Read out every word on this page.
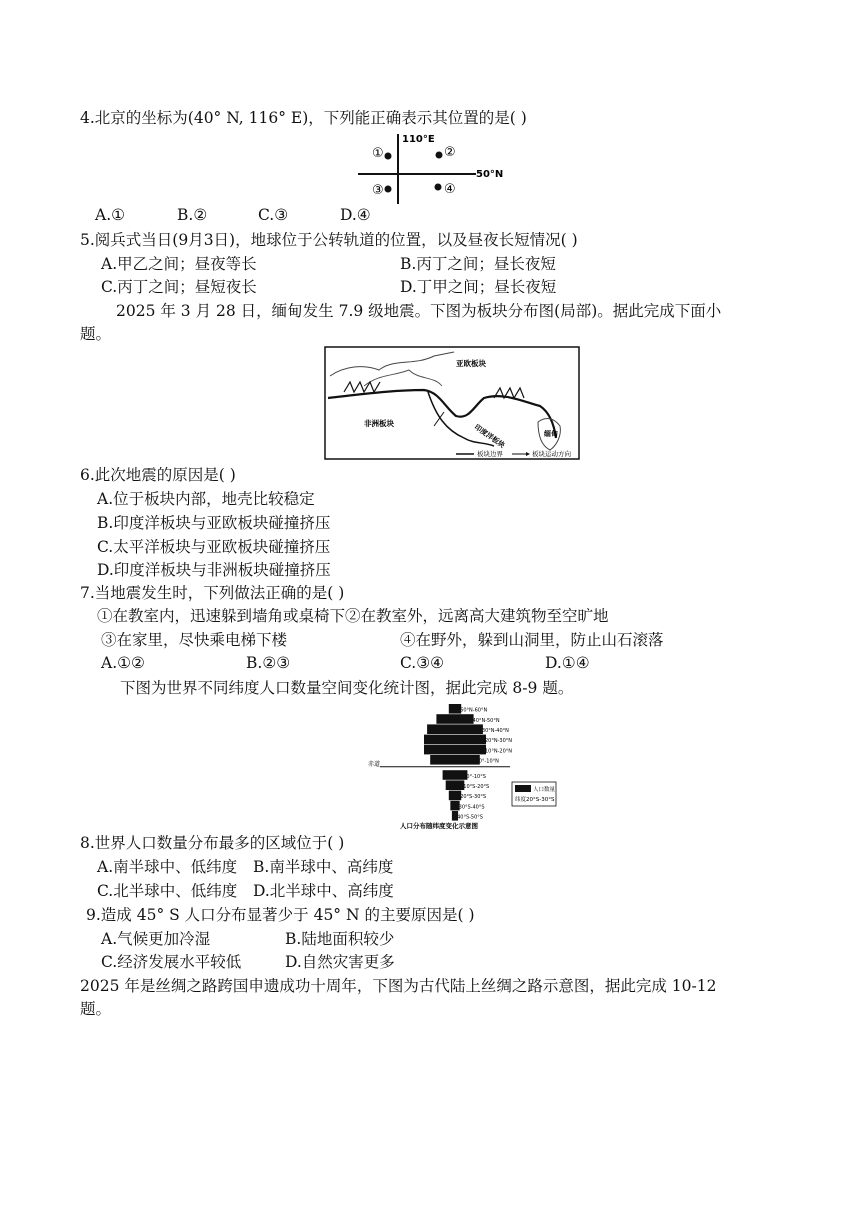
4.北京的坐标为(40° N, 116° E)，下列能正确表示其位置的是( )
110°E
50°N
①	②
③	④
A.①	B.②	C.③	D.④
5.阅兵式当日(9月3日)，地球位于公转轨道的位置，以及昼夜长短情况( )
A.甲乙之间；昼夜等长	B.丙丁之间；昼长夜短
C.丙丁之间；昼短夜长	D.丁甲之间；昼长夜短
2025 年 3 月 28 日，缅甸发生 7.9 级地震。下图为板块分布图(局部)。据此完成下面小
题。
亚欧板块
非洲板块	印度洋板块	缅甸
板块边界	板块运动方向
6.此次地震的原因是( )
A.位于板块内部，地壳比较稳定
B.印度洋板块与亚欧板块碰撞挤压
C.太平洋板块与亚欧板块碰撞挤压
D.印度洋板块与非洲板块碰撞挤压
7.当地震发生时，下列做法正确的是( )
①在教室内，迅速躲到墙角或桌椅下②在教室外，远离高大建筑物至空旷地
③在家里，尽快乘电梯下楼	④在野外，躲到山洞里，防止山石滚落
A.①②	B.②③	C.③④	D.①④
下图为世界不同纬度人口数量空间变化统计图，据此完成 8-9 题。
50°N-60°N
40°N-50°N
30°N-40°N
20°N-30°N
10°N-20°N
0°-10°N
0°-10°S
10°S-20°S
20°S-30°S
30°S-40°S
40°S-50°S
赤道
人口数量
纬度20°S-30°S
人口分布随纬度变化示意图
8.世界人口数量分布最多的区域位于( )
A.南半球中、低纬度 B.南半球中、高纬度
C.北半球中、低纬度 D.北半球中、高纬度
9.造成 45° S 人口分布显著少于 45° N 的主要原因是( )
A.气候更加冷湿	B.陆地面积较少
C.经济发展水平较低	D.自然灾害更多
2025 年是丝绸之路跨国申遗成功十周年，下图为古代陆上丝绸之路示意图，据此完成 10-12
题。
